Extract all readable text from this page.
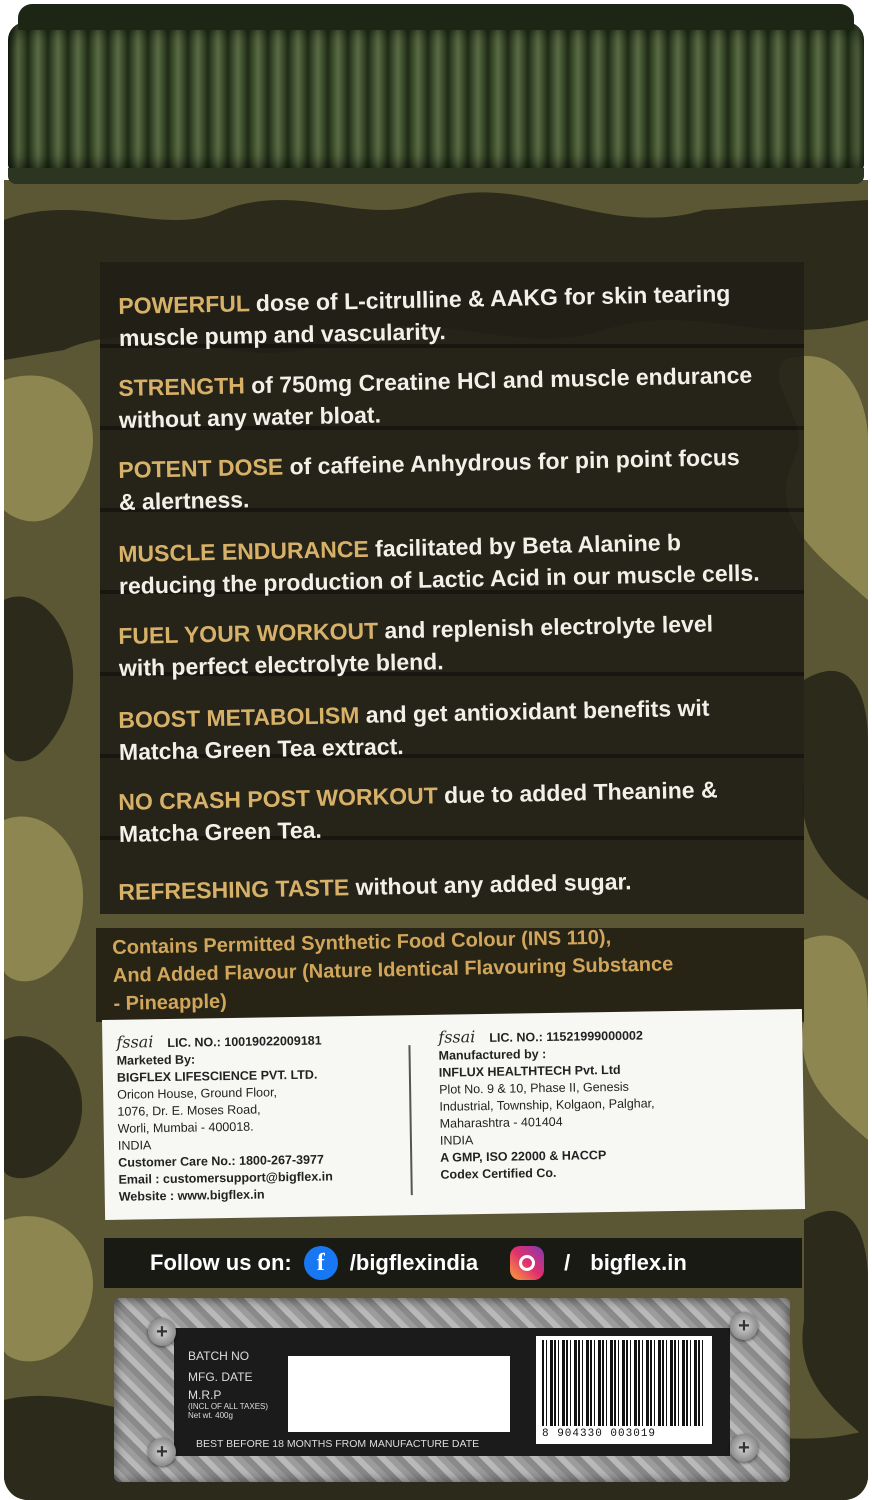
POWERFUL dose of L-citrulline & AAKG for skin tearing
muscle pump and vascularity.
STRENGTH of 750mg Creatine HCl and muscle endurance
without any water bloat.
POTENT DOSE of caffeine Anhydrous for pin point focus
& alertness.
MUSCLE ENDURANCE facilitated by Beta Alanine b
reducing the production of Lactic Acid in our muscle cells.
FUEL YOUR WORKOUT and replenish electrolyte level
with perfect electrolyte blend.
BOOST METABOLISM and get antioxidant benefits wit
Matcha Green Tea extract.
NO CRASH POST WORKOUT due to added Theanine &
Matcha Green Tea.
REFRESHING TASTE without any added sugar.
Contains Permitted Synthetic Food Colour (INS 110),
And Added Flavour (Nature Identical Flavouring Substance
- Pineapple)
fssai LIC. NO.: 10019022009181
Marketed By:
BIGFLEX LIFESCIENCE PVT. LTD.
Oricon House, Ground Floor,
1076, Dr. E. Moses Road,
Worli, Mumbai - 400018.
INDIA
Customer Care No.: 1800-267-3977
Email : customersupport@bigflex.in
Website : www.bigflex.in
fssai LIC. NO.: 11521999000002
Manufactured by :
INFLUX HEALTHTECH Pvt. Ltd
Plot No. 9 & 10, Phase II, Genesis
Industrial, Township, Kolgaon, Palghar,
Maharashtra - 401404
INDIA
A GMP, ISO 22000 & HACCP
Codex Certified Co.
Follow us on:	f	/bigflexindia	/ bigflex.in
+	+
+	+
BATCH NO
MFG. DATE
M.R.P
(INCL OF ALL TAXES)
Net wt. 400g
BEST BEFORE 18 MONTHS FROM MANUFACTURE DATE
8 904330 003019
